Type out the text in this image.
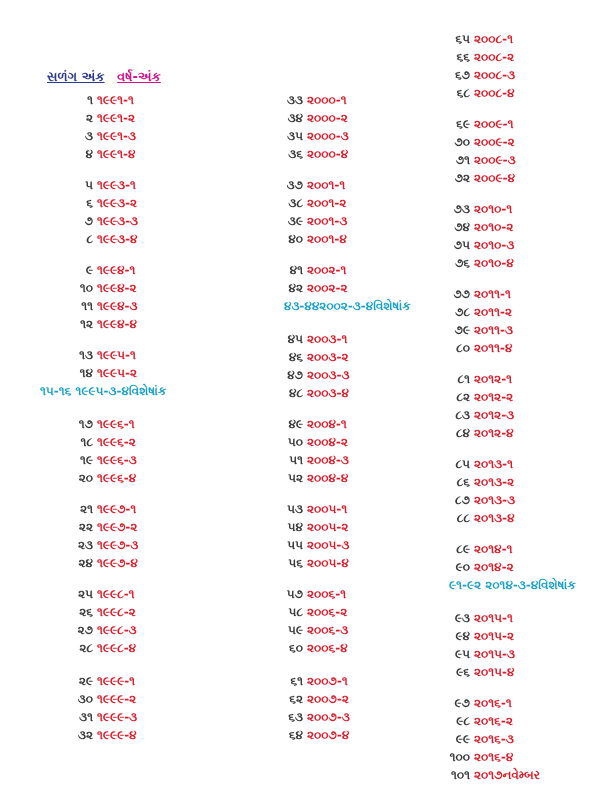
સળંગ અંક વર્ષ-અંક
૧ ૧૯૯૧-૧
૨ ૧૯૯૧-૨
૩ ૧૯૯૧-૩
૪ ૧૯૯૧-૪
૫ ૧૯૯૩-૧
૬ ૧૯૯૩-૨
૭ ૧૯૯૩-૩
૮ ૧૯૯૩-૪
૯ ૧૯૯૪-૧
૧૦ ૧૯૯૪-૨
૧૧ ૧૯૯૪-૩
૧૨ ૧૯૯૪-૪
૧૩ ૧૯૯૫-૧
૧૪ ૧૯૯૫-૨
૧૫-૧૬ ૧૯૯૫-૩-૪વિશેષાંક
૧૭ ૧૯૯૬-૧
૧૮ ૧૯૯૬-૨
૧૯ ૧૯૯૬-૩
૨૦ ૧૯૯૬-૪
૨૧ ૧૯૯૭-૧
૨૨ ૧૯૯૭-૨
૨૩ ૧૯૯૭-૩
૨૪ ૧૯૯૭-૪
૨૫ ૧૯૯૮-૧
૨૬ ૧૯૯૮-૨
૨૭ ૧૯૯૮-૩
૨૮ ૧૯૯૮-૪
૨૯ ૧૯૯૯-૧
૩૦ ૧૯૯૯-૨
૩૧ ૧૯૯૯-૩
૩૨ ૧૯૯૯-૪
૩૩ ૨૦૦૦-૧
૩૪ ૨૦૦૦-૨
૩૫ ૨૦૦૦-૩
૩૬ ૨૦૦૦-૪
૩૭ ૨૦૦૧-૧
૩૮ ૨૦૦૧-૨
૩૯ ૨૦૦૧-૩
૪૦ ૨૦૦૧-૪
૪૧ ૨૦૦૨-૧
૪૨ ૨૦૦૨-૨
૪૩-૪૪૨૦૦૨-૩-૪વિશેષાંક
૪૫ ૨૦૦૩-૧
૪૬ ૨૦૦૩-૨
૪૭ ૨૦૦૩-૩
૪૮ ૨૦૦૩-૪
૪૯ ૨૦૦૪-૧
૫૦ ૨૦૦૪-૨
૫૧ ૨૦૦૪-૩
૫૨ ૨૦૦૪-૪
૫૩ ૨૦૦૫-૧
૫૪ ૨૦૦૫-૨
૫૫ ૨૦૦૫-૩
૫૬ ૨૦૦૫-૪
૫૭ ૨૦૦૬-૧
૫૮ ૨૦૦૬-૨
૫૯ ૨૦૦૬-૩
૬૦ ૨૦૦૬-૪
૬૧ ૨૦૦૭-૧
૬૨ ૨૦૦૭-૨
૬૩ ૨૦૦૭-૩
૬૪ ૨૦૦૭-૪
૬૫ ૨૦૦૮-૧
૬૬ ૨૦૦૮-૨
૬૭ ૨૦૦૮-૩
૬૮ ૨૦૦૮-૪
૬૯ ૨૦૦૯-૧
૭૦ ૨૦૦૯-૨
૭૧ ૨૦૦૯-૩
૭૨ ૨૦૦૯-૪
૭૩ ૨૦૧૦-૧
૭૪ ૨૦૧૦-૨
૭૫ ૨૦૧૦-૩
૭૬ ૨૦૧૦-૪
૭૭ ૨૦૧૧-૧
૭૮ ૨૦૧૧-૨
૭૯ ૨૦૧૧-૩
૮૦ ૨૦૧૧-૪
૮૧ ૨૦૧૨-૧
૮૨ ૨૦૧૨-૨
૮૩ ૨૦૧૨-૩
૮૪ ૨૦૧૨-૪
૮૫ ૨૦૧૩-૧
૮૬ ૨૦૧૩-૨
૮૭ ૨૦૧૩-૩
૮૮ ૨૦૧૩-૪
૮૯ ૨૦૧૪-૧
૯૦ ૨૦૧૪-૨
૯૧-૯૨ ૨૦૧૪-૩-૪વિશેષાંક
૯૩ ૨૦૧૫-૧
૯૪ ૨૦૧૫-૨
૯૫ ૨૦૧૫-૩
૯૬ ૨૦૧૫-૪
૯૭ ૨૦૧૬-૧
૯૮ ૨૦૧૬-૨
૯૯ ૨૦૧૬-૩
૧૦૦ ૨૦૧૬-૪
૧૦૧ ૨૦૧૭નવેમ્બર
